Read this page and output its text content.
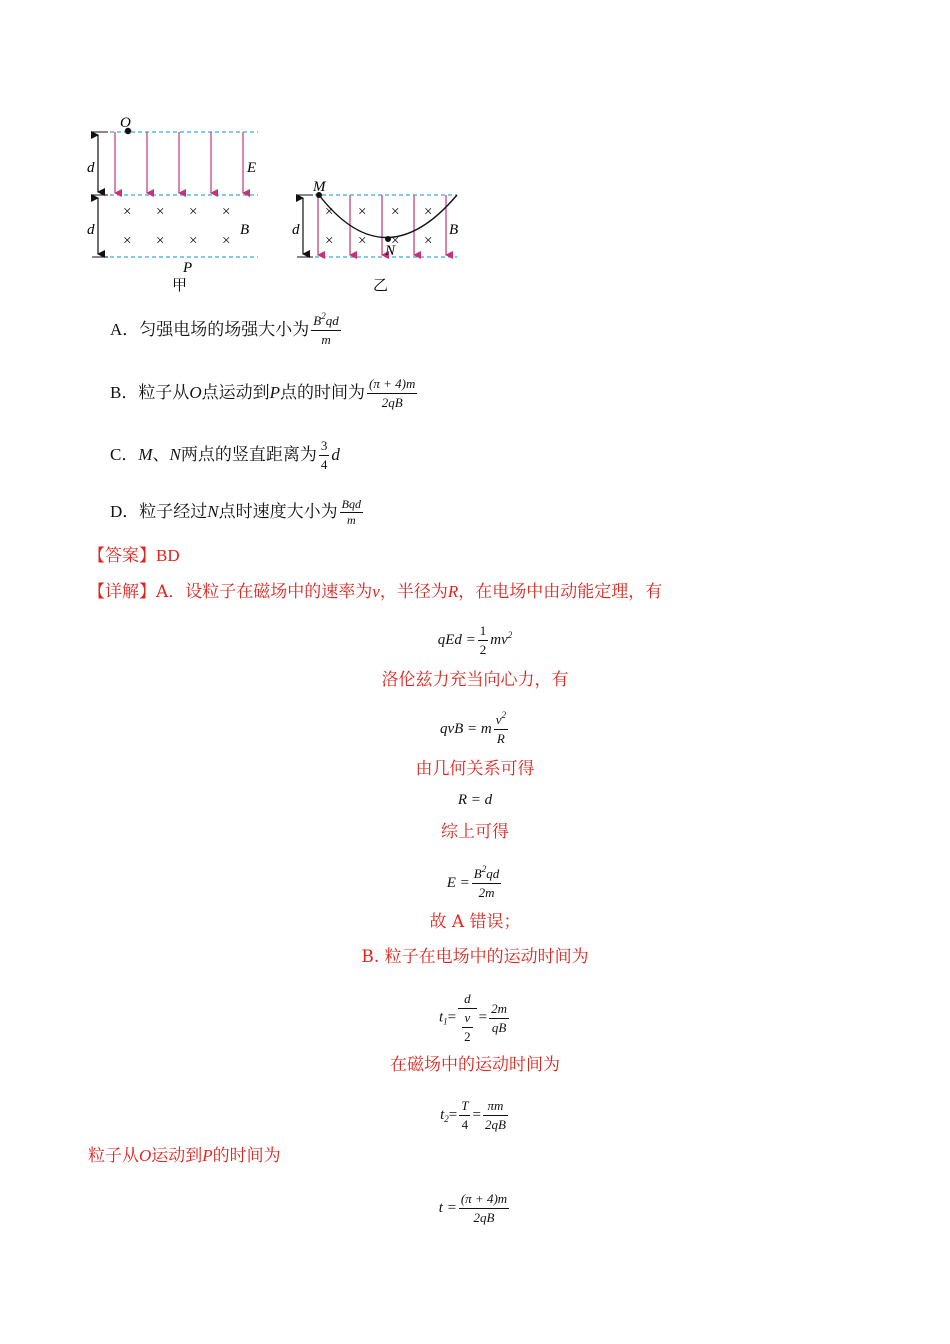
d
d
O
E
× × × ×
× × × ×
B
P
甲
d
× × × ×
× × × ×
M
N
B
乙
A．匀强电场的场强大小为 $\frac{B^2qd}{m}$
B．粒子从O点运动到P点的时间为 $\frac{(\pi + 4)m}{2qB}$
C．M、N两点的竖直距离为 $\frac{3}{4}$ d
D．粒子经过N点时速度大小为 $\frac{\text{Bqd}}{m}$
【答案】BD
【详解】A．设粒子在磁场中的速率为v，半径为R，在电场中由动能定理，有
qEd = $\frac{1}{2} mv^2$
洛伦兹力充当向心力，有
qvB = m $\frac{v^2}{R}$
由几何关系可得
R = d
综上可得
$E = \frac{B^2qd}{2m}$
故 A 错误；
B. 粒子在电场中的运动时间为
$t_1= \frac{d}{\frac{v}{2}} = \frac{2m}{qB}$
在磁场中的运动时间为
$t_2= \frac{T}{4} = \frac{\pi m}{2qB}$
粒子从O运动到P的时间为
$t = \frac{(\pi + 4)m}{2qB}$
